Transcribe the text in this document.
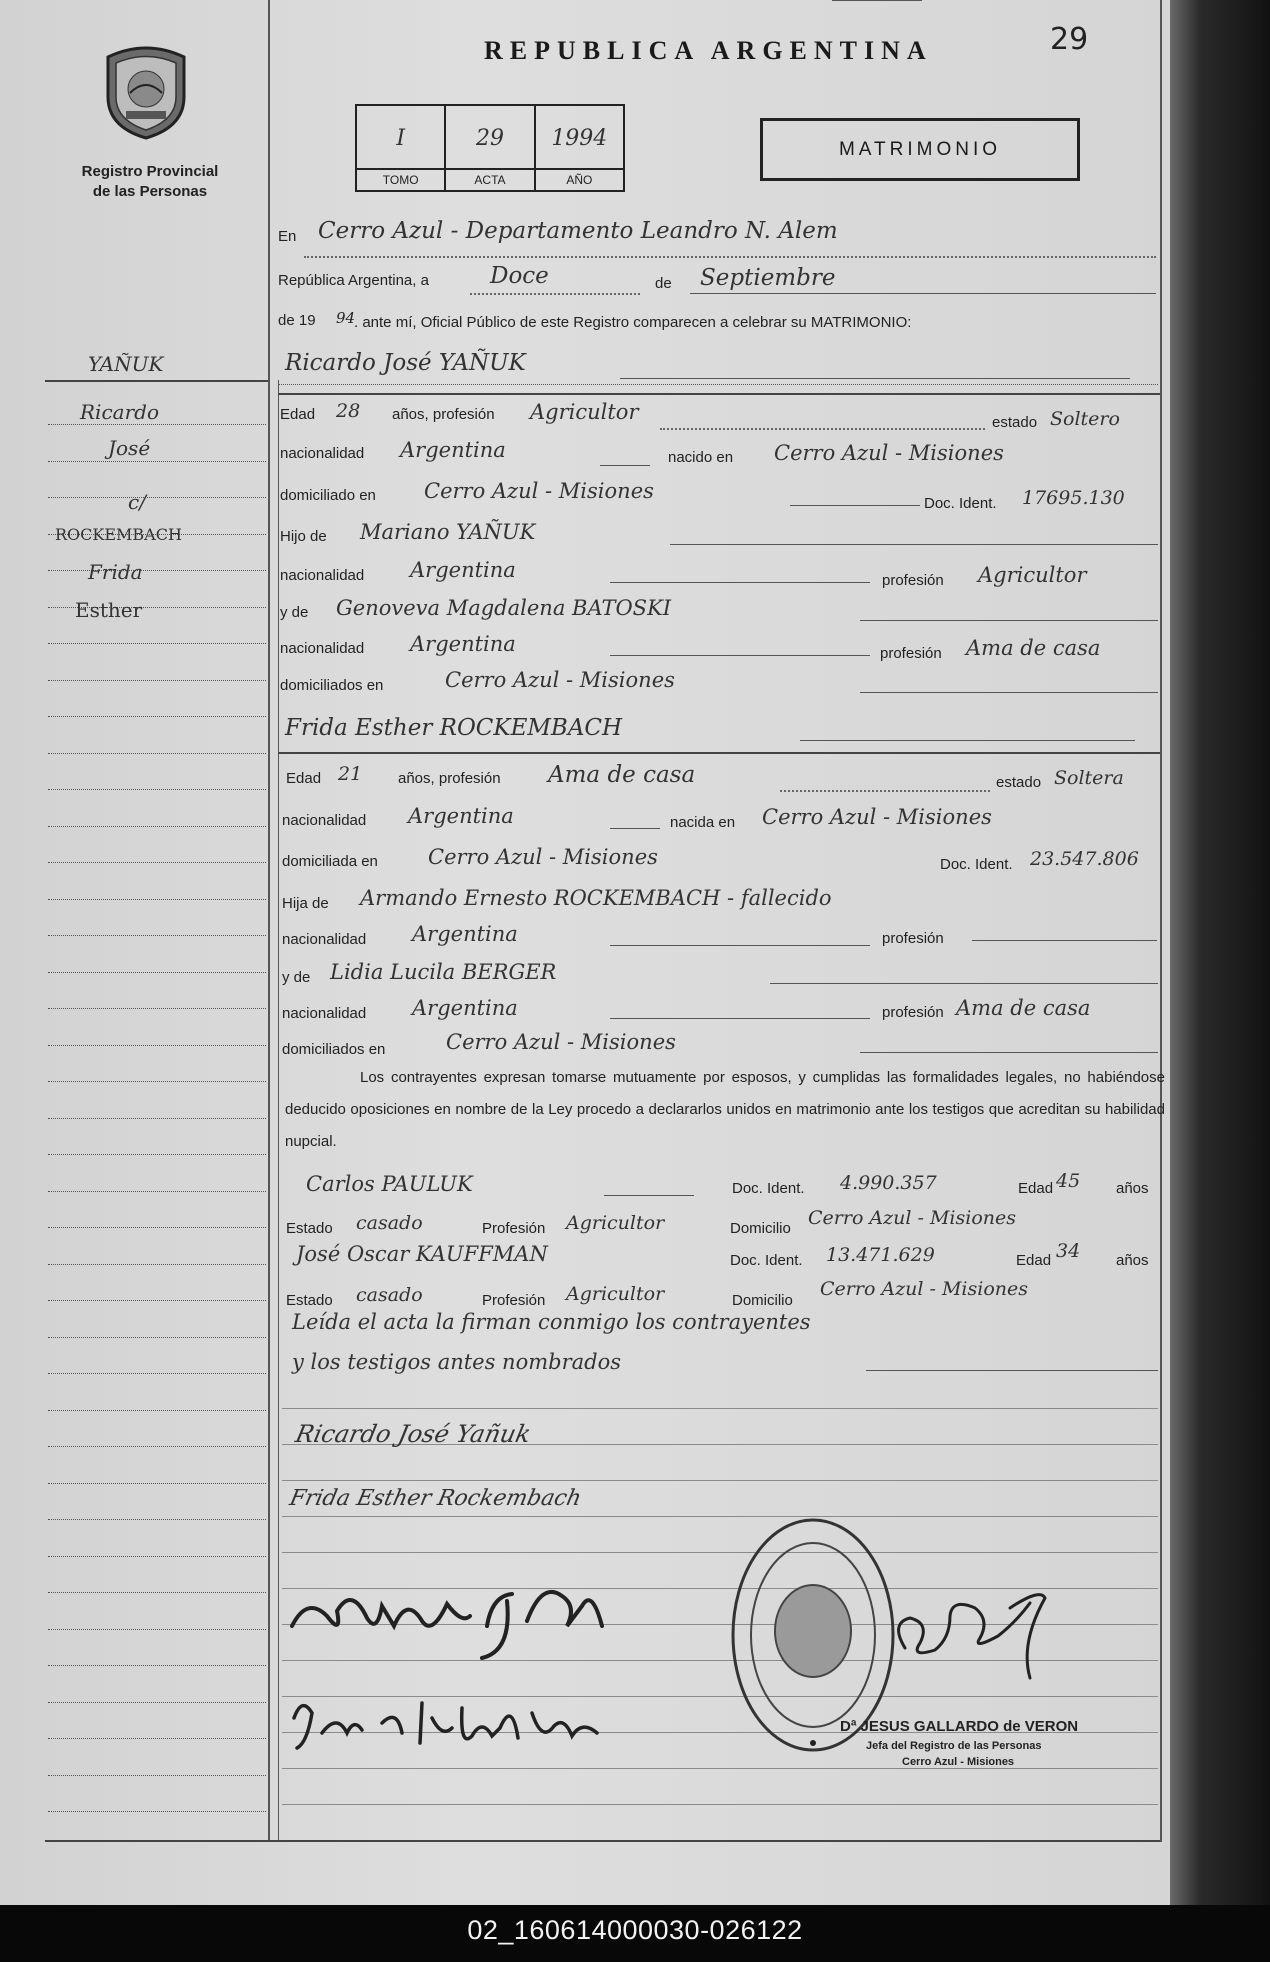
Registro Provincial
de las Personas
REPUBLICA ARGENTINA	29
I
TOMO
29
ACTA
1994
AÑO
MATRIMONIO
YAÑUK
Ricardo
José
c/
ROCKEMBACH
Frida
Esther
En Cerro Azul - Departamento Leandro N. Alem
República Argentina, a	Doce	de Septiembre
de 19 94
. ante mí, Oficial Público de este Registro comparecen a celebrar su MATRIMONIO:
Ricardo José YAÑUK
Edad 28 años, profesión Agricultor	estado Soltero
nacionalidad Argentina	nacido en Cerro Azul - Misiones
domiciliado en Cerro Azul - Misiones
Doc. Ident. 17695.130
Hijo de Mariano YAÑUK
nacionalidad Argentina	profesión Agricultor
y de Genoveva Magdalena BATOSKI
nacionalidad Argentina	profesión Ama de casa
domiciliados en	Cerro Azul - Misiones
Frida Esther ROCKEMBACH
Edad 21 años, profesión Ama de casa	estado Soltera
nacionalidad Argentina	nacida en Cerro Azul - Misiones
domiciliada en Cerro Azul - Misiones	Doc. Ident. 23.547.806
Hija de Armando Ernesto ROCKEMBACH - fallecido
nacionalidad Argentina	profesión
y de Lidia Lucila BERGER
nacionalidad Argentina	profesión Ama de casa
domiciliados en	Cerro Azul - Misiones
Los contrayentes expresan tomarse mutuamente por esposos, y cumplidas las formalidades legales, no habiéndose deducido oposiciones en nombre de la Ley procedo a declararlos unidos en matrimonio ante los testigos que acreditan su habilidad nupcial.
Carlos PAULUK	Doc. Ident. 4.990.357	Edad 45 años
Estado casado	Profesión Agricultor	Domicilio Cerro Azul - Misiones
José Oscar KAUFFMAN	Doc. Ident. 13.471.629	Edad 34 años
Estado casado	Profesión Agricultor	Domicilio
Cerro Azul - Misiones
Leída el acta la firman conmigo los contrayentes
y los testigos antes nombrados
Ricardo José Yañuk
Frida Esther Rockembach
Dª JESUS GALLARDO de VERON
Jefa del Registro de las Personas
Cerro Azul - Misiones
02_160614000030-026122
